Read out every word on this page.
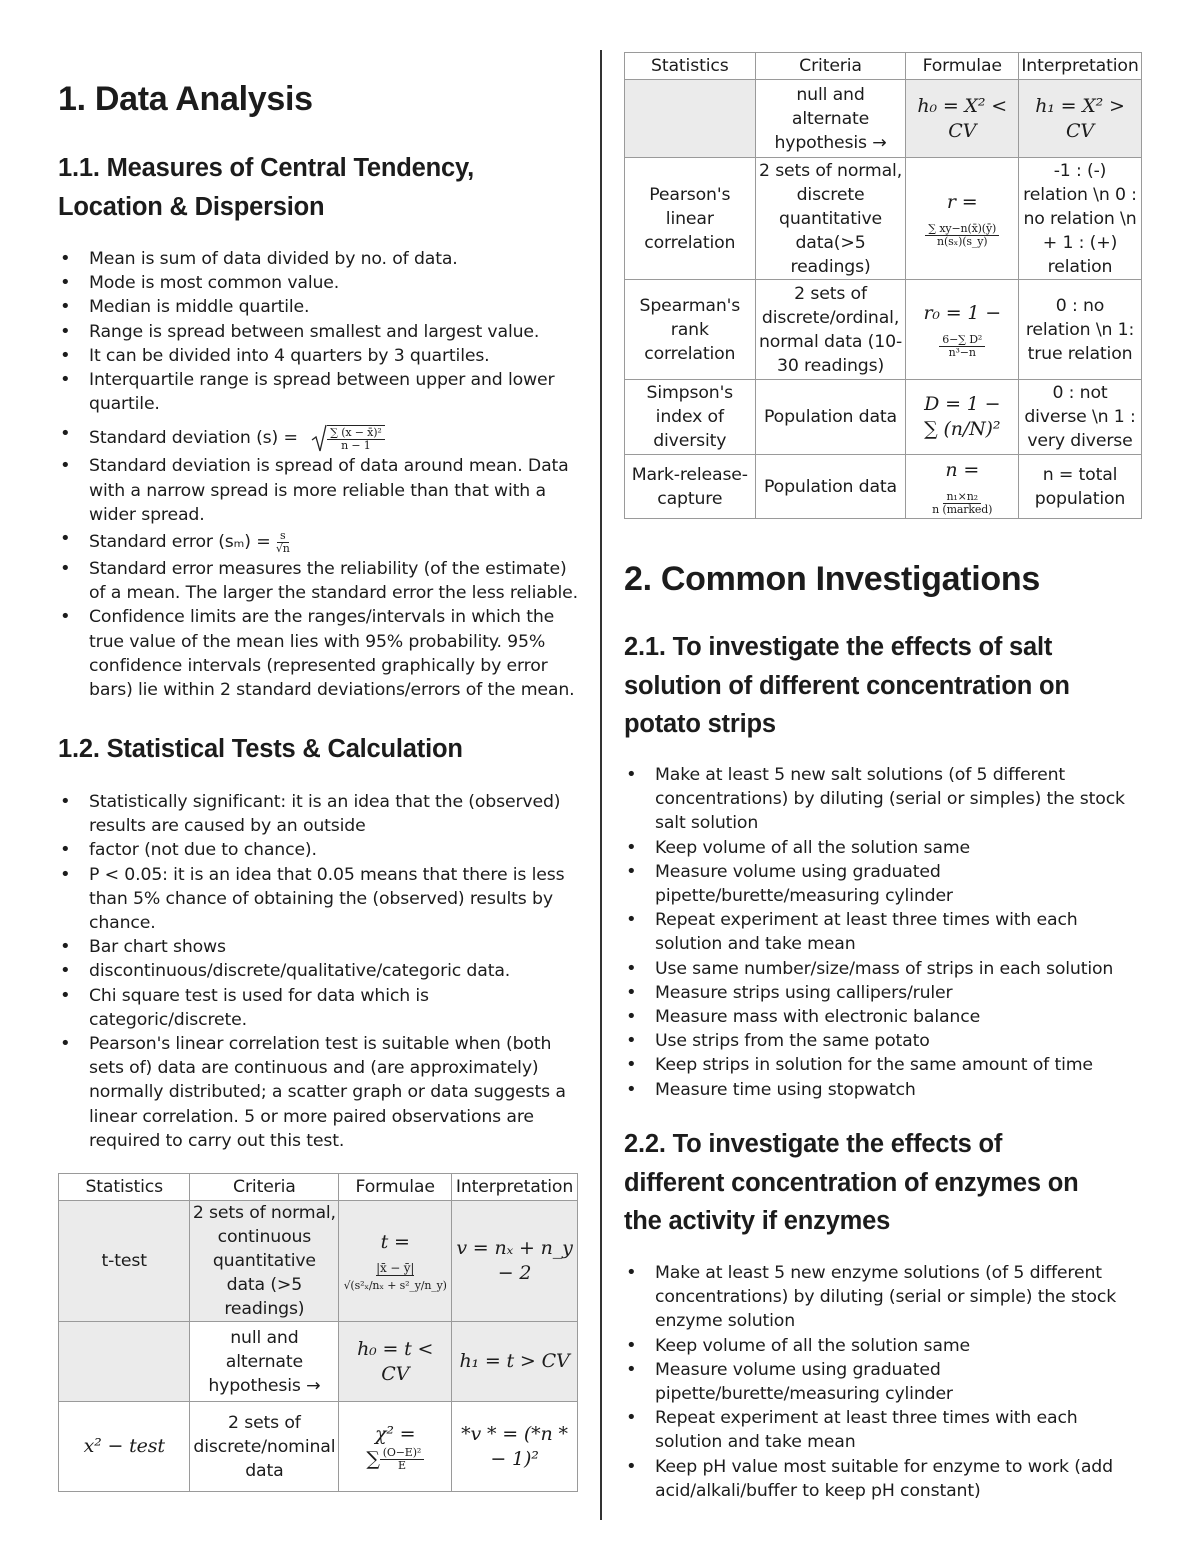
1. Data Analysis
1.1. Measures of Central Tendency,
Location & Dispersion
• Mean is sum of data divided by no. of data.
• Mode is most common value.
• Median is middle quartile.
• Range is spread between smallest and largest value.
• It can be divided into 4 quarters by 3 quartiles.
• Interquartile range is spread between upper and lower quartile.
• Standard deviation $(s) = \frac{\text{∑ (x − x̄)²}}{n - 1}$
• Standard deviation is spread of data around mean. Data with a narrow spread is more reliable than that with a wider spread.
• Standard error $(s_m) = \frac{s}{√n}$
• Standard error measures the reliability (of the estimate) of a mean. The larger the standard error the less reliable.
• Confidence limits are the ranges/intervals in which the true value of the mean lies with 95% probability. 95% confidence intervals (represented graphically by error bars) lie within 2 standard deviations/errors of the mean.
1.2. Statistical Tests & Calculation
• Statistically significant: it is an idea that the (observed) results are caused by an outside
• factor (not due to chance).
• P < 0.05: it is an idea that 0.05 means that there is less than 5% chance of obtaining the (observed) results by chance.
• Bar chart shows
• discontinuous/discrete/qualitative/categoric data.
• Chi square test is used for data which is categoric/discrete.
• Pearson's linear correlation test is suitable when (both sets of) data are continuous and (are approximately) normally distributed; a scatter graph or data suggests a linear correlation. 5 or more paired observations are required to carry out this test.
Statistics	Criteria	Formulae	Interpretation
t-test	2 sets of normal, continuous quantitative data (>5 readings)	t =
|x̄ − ȳ|
√(s²ₓ/nₓ + s²_y/n_y)	v = nₓ + n_y − 2
	null and alternate hypothesis →	h₀ = t < CV	h₁ = t > CV
x² − test	2 sets of discrete/nominal data	χ² =
∑ $\frac{\text{(O−E)²}}{E}$	*v * = (*n * − 1)²
Statistics	Criteria	Formulae	Interpretation
	null and alternate hypothesis →	h₀ = X² < CV	h₁ = X² > CV
Pearson's linear correlation	2 sets of normal, discrete quantitative data(>5 readings)	r =
$\frac{\sum xy-n(x̄)(ȳ)}{\text{n(sₓ)(s\_y)}}$	-1 : (-) relation \n 0 : no relation \n + 1 : (+) relation
Spearman's rank correlation	2 sets of discrete/ordinal, normal data (10-30 readings)	r₀ = 1 −
$\frac{\text{6−∑ D²}}{\text{n³−n}}$	0 : no relation \n 1: true relation
Simpson's index of diversity	Population data	D = 1 −
∑ (n/N)²	0 : not diverse \n 1 : very diverse
Mark-release-capture	Population data	n =
$\frac{\text{n₁×n₂}}{\text{n (marked)}}$	n = total population
2. Common Investigations
2.1. To investigate the effects of salt
solution of different concentration on
potato strips
• Make at least 5 new salt solutions (of 5 different concentrations) by diluting (serial or simples) the stock salt solution
• Keep volume of all the solution same
• Measure volume using graduated pipette/burette/measuring cylinder
• Repeat experiment at least three times with each solution and take mean
• Use same number/size/mass of strips in each solution
• Measure strips using callipers/ruler
• Measure mass with electronic balance
• Use strips from the same potato
• Keep strips in solution for the same amount of time
• Measure time using stopwatch
2.2. To investigate the effects of
different concentration of enzymes on
the activity if enzymes
• Make at least 5 new enzyme solutions (of 5 different concentrations) by diluting (serial or simple) the stock enzyme solution
• Keep volume of all the solution same
• Measure volume using graduated pipette/burette/measuring cylinder
• Repeat experiment at least three times with each solution and take mean
• Keep pH value most suitable for enzyme to work (add acid/alkali/buffer to keep pH constant)
